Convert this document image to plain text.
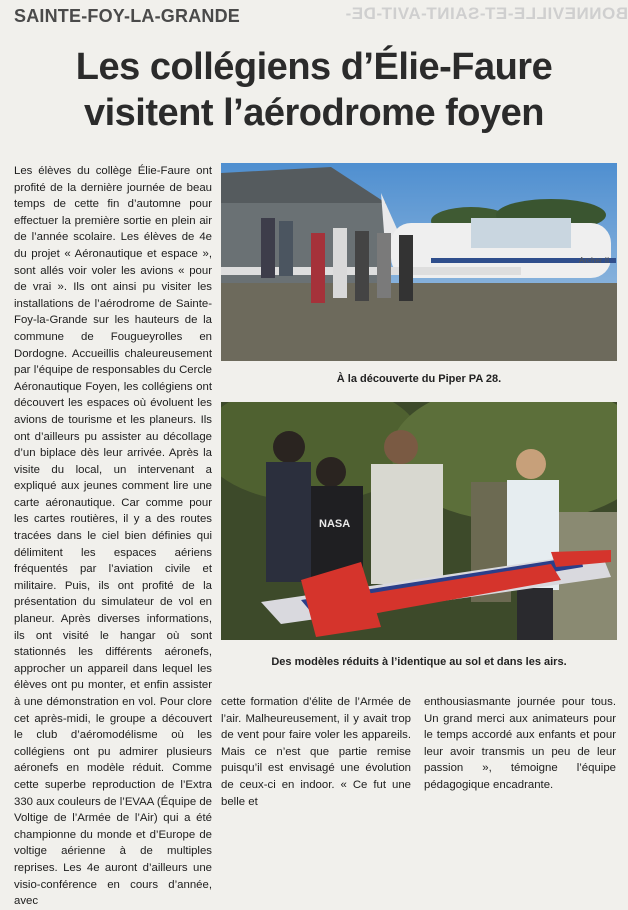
BONNEVILLE-ET-SAINT-AVIT-DE-
SAINTE-FOY-LA-GRANDE
Les collégiens d’Élie-Faure
visitent l’aérodrome foyen

Les élèves du collège Élie-Faure ont profité de la dernière journée de beau temps de cette fin d’automne pour effectuer la première sortie en plein air de l’année scolaire. Les élèves de 4e du projet « Aéronautique et espace », sont allés voir voler les avions « pour de vrai ». Ils ont ainsi pu visiter les installations de l’aérodrome de Sainte-Foy-la-Grande sur les hauteurs de la commune de Fougueyrolles en Dordogne. Accueillis chaleureusement par l’équipe de responsables du Cercle Aéronautique Foyen, les collégiens ont découvert les espaces où évoluent les avions de tourisme et les planeurs. Ils ont d’ailleurs pu assister au décollage d’un biplace dès leur arrivée. Après la visite du local, un intervenant a expliqué aux jeunes comment lire une carte aéronautique. Car comme pour les cartes routières, il y a des routes tracées dans le ciel bien définies qui délimitent les espaces aériens fréquentés par l’aviation civile et militaire. Puis, ils ont profité de la présentation du simulateur de vol en planeur. Après diverses informations, ils ont visité le hangar où sont stationnés les différents aéronefs, approcher un appareil dans lequel les élèves ont pu monter, et enfin assister à une démonstration en vol. Pour clore cet après-midi, le groupe a découvert le club d’aéromodélisme où les collégiens ont pu admirer plusieurs aéronefs en modèle réduit. Comme cette superbe reproduction de l’Extra 330 aux couleurs de l’EVAA (Équipe de Voltige de l’Armée de l’Air) qui a été championne du monde et d’Europe de voltige aérienne à de multiples reprises. Les 4e auront d’ailleurs une visio-conférence en cours d’année, avec

Archer II
À la découverte du Piper PA 28.
NASA
Des modèles réduits à l’identique au sol et dans les airs.

cette formation d’élite de l’Armée de l’air. Malheureusement, il y avait trop de vent pour faire voler les appareils. Mais ce n’est que partie remise puisqu’il est envisagé une évolution de ceux-ci en indoor. « Ce fut une belle et

enthousiasmante journée pour tous. Un grand merci aux animateurs pour le temps accordé aux enfants et pour leur avoir transmis un peu de leur passion », témoigne l’équipe pédagogique encadrante.
